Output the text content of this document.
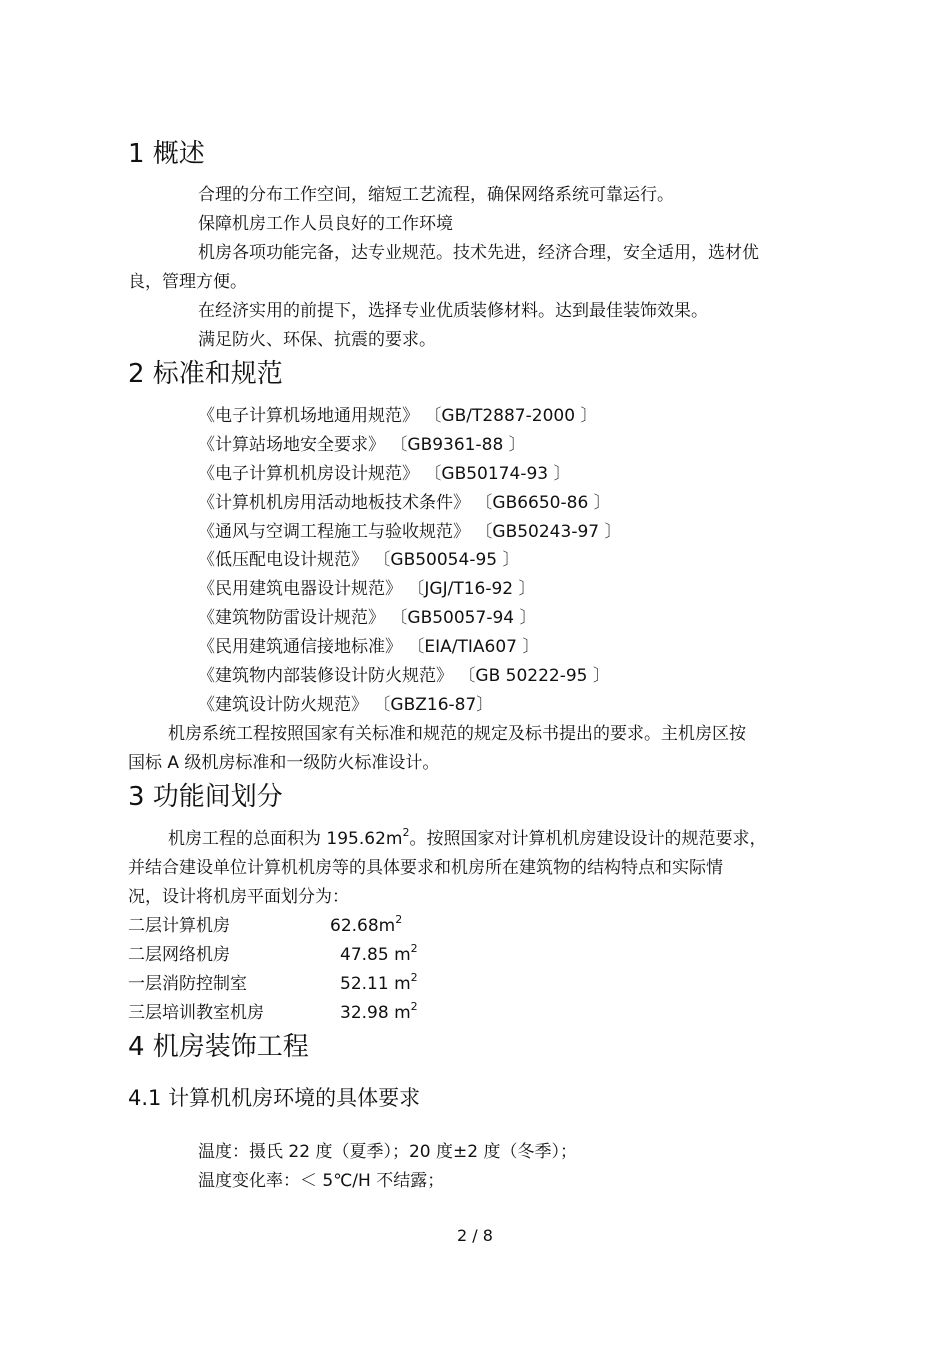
1 概述
合理的分布工作空间，缩短工艺流程，确保网络系统可靠运行。
保障机房工作人员良好的工作环境
机房各项功能完备，达专业规范。技术先进，经济合理，安全适用，选材优
良，管理方便。
在经济实用的前提下，选择专业优质装修材料。达到最佳装饰效果。
满足防火、环保、抗震的要求。
2 标准和规范
《电子计算机场地通用规范》 〔GB/T2887-2000 〕
《计算站场地安全要求》 〔GB9361-88 〕
《电子计算机机房设计规范》 〔GB50174-93 〕
《计算机机房用活动地板技术条件》 〔GB6650-86 〕
《通风与空调工程施工与验收规范》 〔GB50243-97 〕
《低压配电设计规范》 〔GB50054-95 〕
《民用建筑电器设计规范》 〔JGJ/T16-92 〕
《建筑物防雷设计规范》 〔GB50057-94 〕
《民用建筑通信接地标准》 〔EIA/TIA607 〕
《建筑物内部装修设计防火规范》 〔GB 50222-95 〕
《建筑设计防火规范》 〔GBZ16-87〕
机房系统工程按照国家有关标准和规范的规定及标书提出的要求。主机房区按
国标 A 级机房标准和一级防火标准设计。
3 功能间划分
机房工程的总面积为 $195.62m^2$。按照国家对计算机机房建设设计的规范要求，
并结合建设单位计算机机房等的具体要求和机房所在建筑物的结构特点和实际情
况，设计将机房平面划分为：
二层计算机房	$62.68m^2$
二层网络机房	47.85 $m^2$
一层消防控制室	52.11 $m^2$
三层培训教室机房	32.98 $m^2$
4 机房装饰工程
4.1 计算机机房环境的具体要求
温度：摄氏 22 度（夏季）；20 度±2 度（冬季）；
温度变化率：＜ 5℃/H 不结露；
2 / 8
